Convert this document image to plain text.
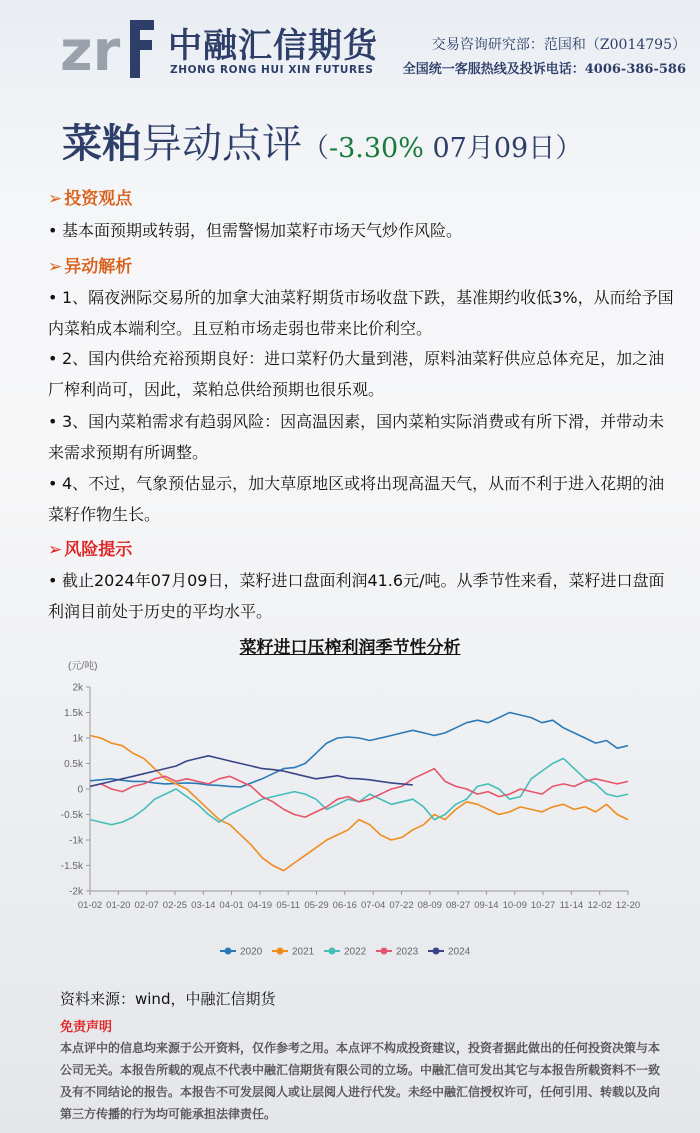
zr 中融汇信期货
ZHONG RONG HUI XIN FUTURES
交易咨询研究部：范国和（Z0014795）
全国统一客服热线及投诉电话：4006-386-586
菜粕异动点评（-3.30% 07月09日）
➢ 投资观点
• 基本面预期或转弱，但需警惕加菜籽市场天气炒作风险。
➢ 异动解析
• 1、隔夜洲际交易所的加拿大油菜籽期货市场收盘下跌，基准期约收低3%，从而给予国内菜粕成本端利空。且豆粕市场走弱也带来比价利空。
• 2、国内供给充裕预期良好：进口菜籽仍大量到港，原料油菜籽供应总体充足，加之油厂榨利尚可，因此，菜粕总供给预期也很乐观。
• 3、国内菜粕需求有趋弱风险：因高温因素，国内菜粕实际消费或有所下滑，并带动未来需求预期有所调整。
• 4、不过，气象预估显示，加大草原地区或将出现高温天气，从而不利于进入花期的油菜籽作物生长。
➢ 风险提示
• 截止2024年07月09日，菜籽进口盘面利润41.6元/吨。从季节性来看，菜籽进口盘面利润目前处于历史的平均水平。
菜籽进口压榨利润季节性分析
(元/吨)
-2k
-1.5k
-1k
-0.5k
0
0.5k
1k
1.5k
2k
01-02 01-20 02-07 02-25 03-14 04-01 04-19 05-11 05-29 06-16 07-04 07-22 08-09 08-27 09-14 10-09 10-27 11-14 12-02 12-20
2020	2021	2022	2023	2024
资料来源：wind，中融汇信期货
免责声明
本点评中的信息均来源于公开资料，仅作参考之用。本点评不构成投资建议，投资者据此做出的任何投资决策与本公司无关。本报告所载的观点不代表中融汇信期货有限公司的立场。中融汇信可发出其它与本报告所载资料不一致及有不同结论的报告。本报告不可发层阅人或让层阅人进行代发。未经中融汇信授权许可，任何引用、转载以及向第三方传播的行为均可能承担法律责任。
